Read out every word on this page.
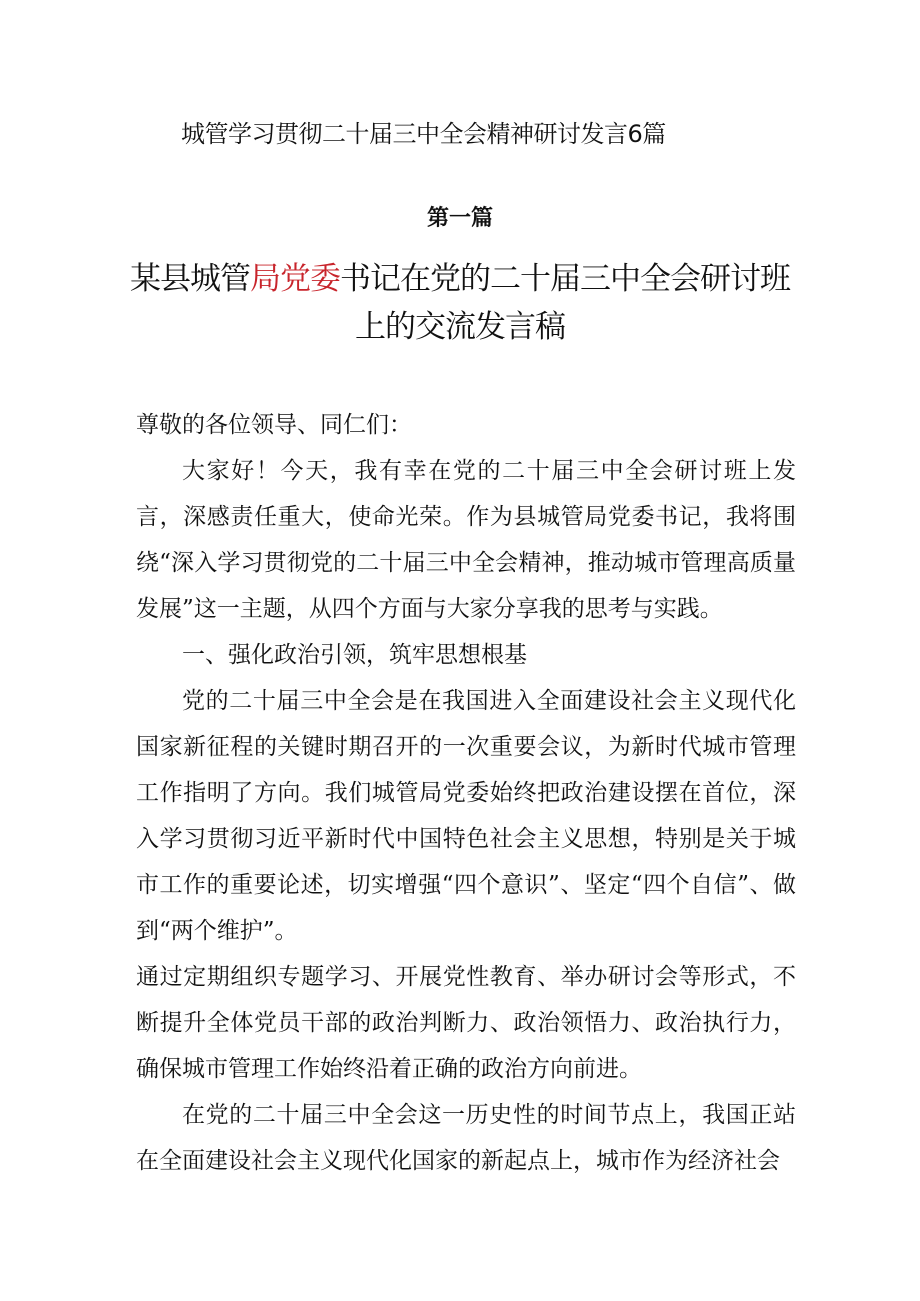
城管学习贯彻二十届三中全会精神研讨发言6篇
第一篇
某县城管局党委书记在党的二十届三中全会研讨班
上的交流发言稿

尊敬的各位领导、同仁们：

大家好！今天，我有幸在党的二十届三中全会研讨班上发言，深感责任重大，使命光荣。作为县城管局党委书记，我将围绕“深入学习贯彻党的二十届三中全会精神，推动城市管理高质量发展”这一主题，从四个方面与大家分享我的思考与实践。

一、强化政治引领，筑牢思想根基

党的二十届三中全会是在我国进入全面建设社会主义现代化国家新征程的关键时期召开的一次重要会议，为新时代城市管理工作指明了方向。我们城管局党委始终把政治建设摆在首位，深入学习贯彻习近平新时代中国特色社会主义思想，特别是关于城市工作的重要论述，切实增强“四个意识”、坚定“四个自信”、做到“两个维护”。

通过定期组织专题学习、开展党性教育、举办研讨会等形式，不断提升全体党员干部的政治判断力、政治领悟力、政治执行力，确保城市管理工作始终沿着正确的政治方向前进。

在党的二十届三中全会这一历史性的时间节点上，我国正站在全面建设社会主义现代化国家的新起点上，城市作为经济社会
